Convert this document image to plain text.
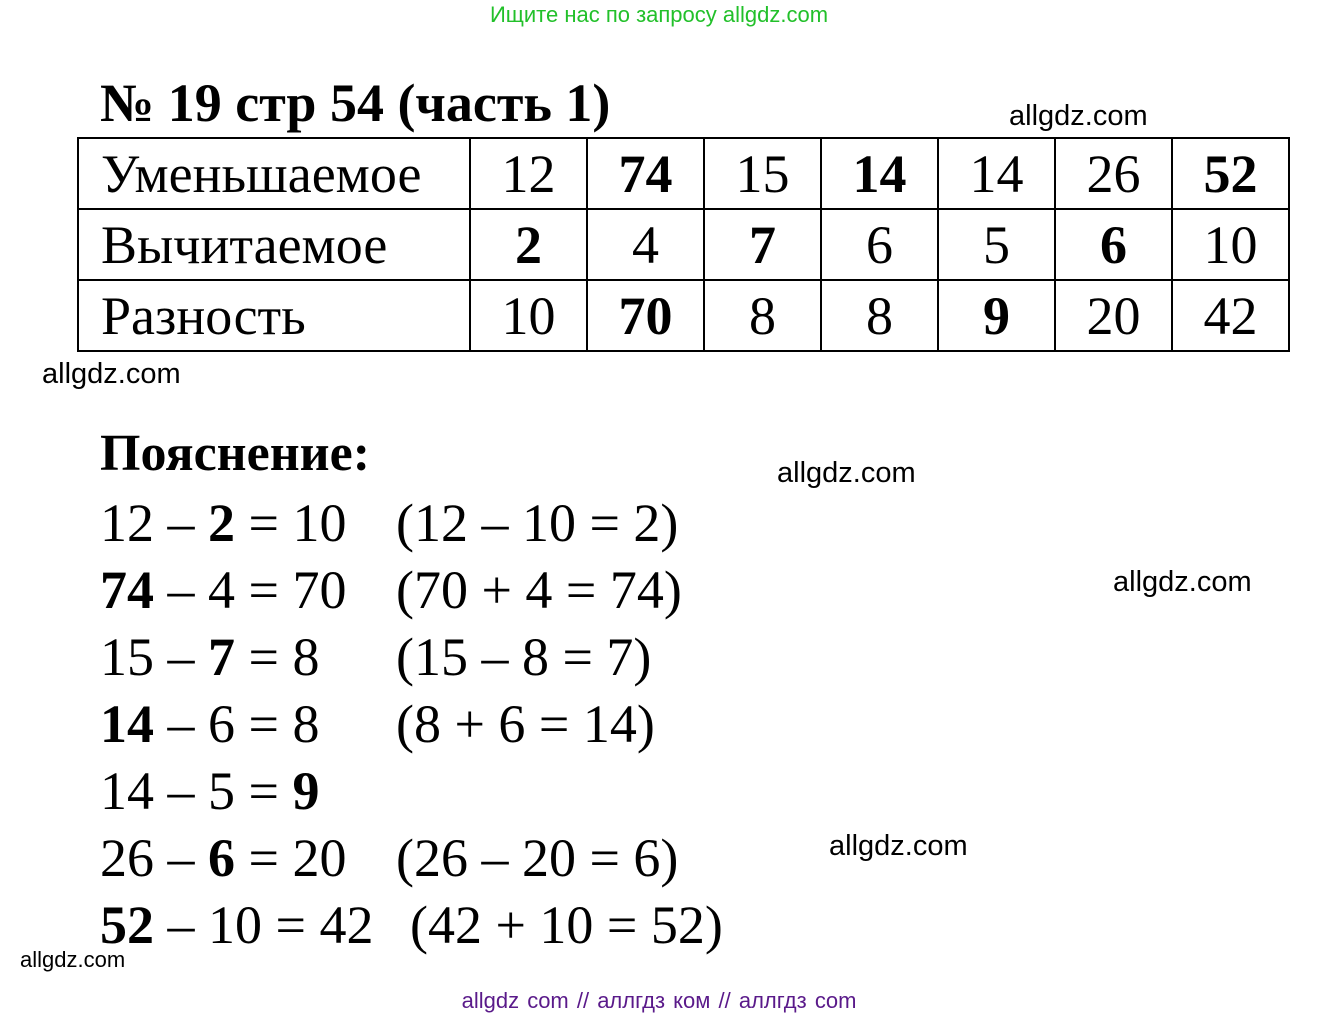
Ищите нас по запросу allgdz.com
№ 19 стр 54 (часть 1)	allgdz.com
Уменьшаемое	12	74	15	14	14	26	52
Вычитаемое	2	4	7	6	5	6	10
Разность	10	70	8	8	9	20	42
allgdz.com
Пояснение:	allgdz.com
allgdz.com
allgdz.com
allgdz.com
12 – 2 = 10 (12 – 10 = 2)
74 – 4 = 70 (70 + 4 = 74)
15 – 7 = 8 (15 – 8 = 7)
14 – 6 = 8 (8 + 6 = 14)
14 – 5 = 9
26 – 6 = 20 (26 – 20 = 6)
52 – 10 = 42 (42 + 10 = 52)
allgdz com // аллгдз ком // аллгдз com
